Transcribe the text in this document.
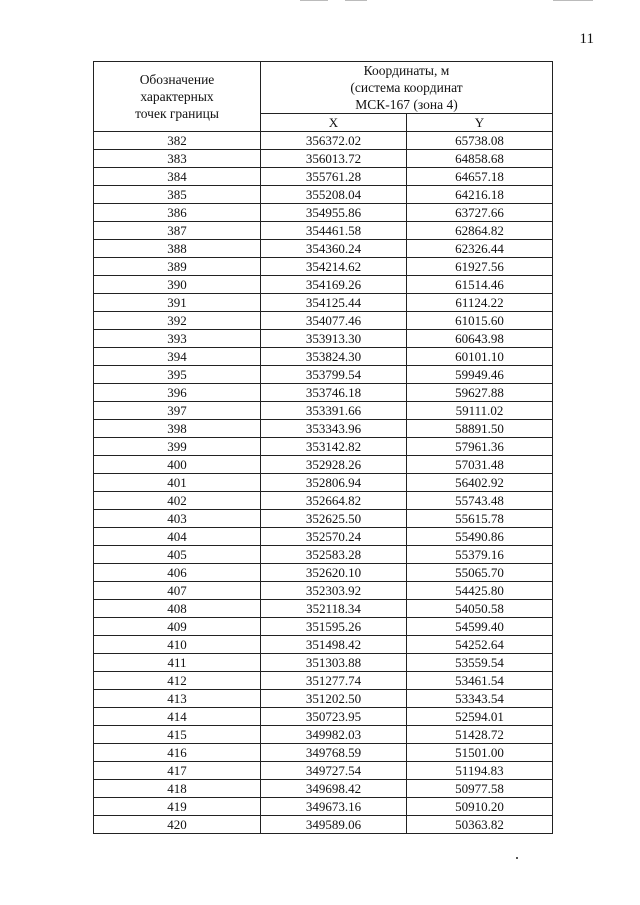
11
Обозначение
характерных
точек границы	Координаты, м
(система координат
МСК-167 (зона 4)	

	X	Y
382	356372.02	65738.08
383	356013.72	64858.68
384	355761.28	64657.18
385	355208.04	64216.18
386	354955.86	63727.66
387	354461.58	62864.82
388	354360.24	62326.44
389	354214.62	61927.56
390	354169.26	61514.46
391	354125.44	61124.22
392	354077.46	61015.60
393	353913.30	60643.98
394	353824.30	60101.10
395	353799.54	59949.46
396	353746.18	59627.88
397	353391.66	59111.02
398	353343.96	58891.50
399	353142.82	57961.36
400	352928.26	57031.48
401	352806.94	56402.92
402	352664.82	55743.48
403	352625.50	55615.78
404	352570.24	55490.86
405	352583.28	55379.16
406	352620.10	55065.70
407	352303.92	54425.80
408	352118.34	54050.58
409	351595.26	54599.40
410	351498.42	54252.64
411	351303.88	53559.54
412	351277.74	53461.54
413	351202.50	53343.54
414	350723.95	52594.01
415	349982.03	51428.72
416	349768.59	51501.00
417	349727.54	51194.83
418	349698.42	50977.58
419	349673.16	50910.20
420	349589.06	50363.82
